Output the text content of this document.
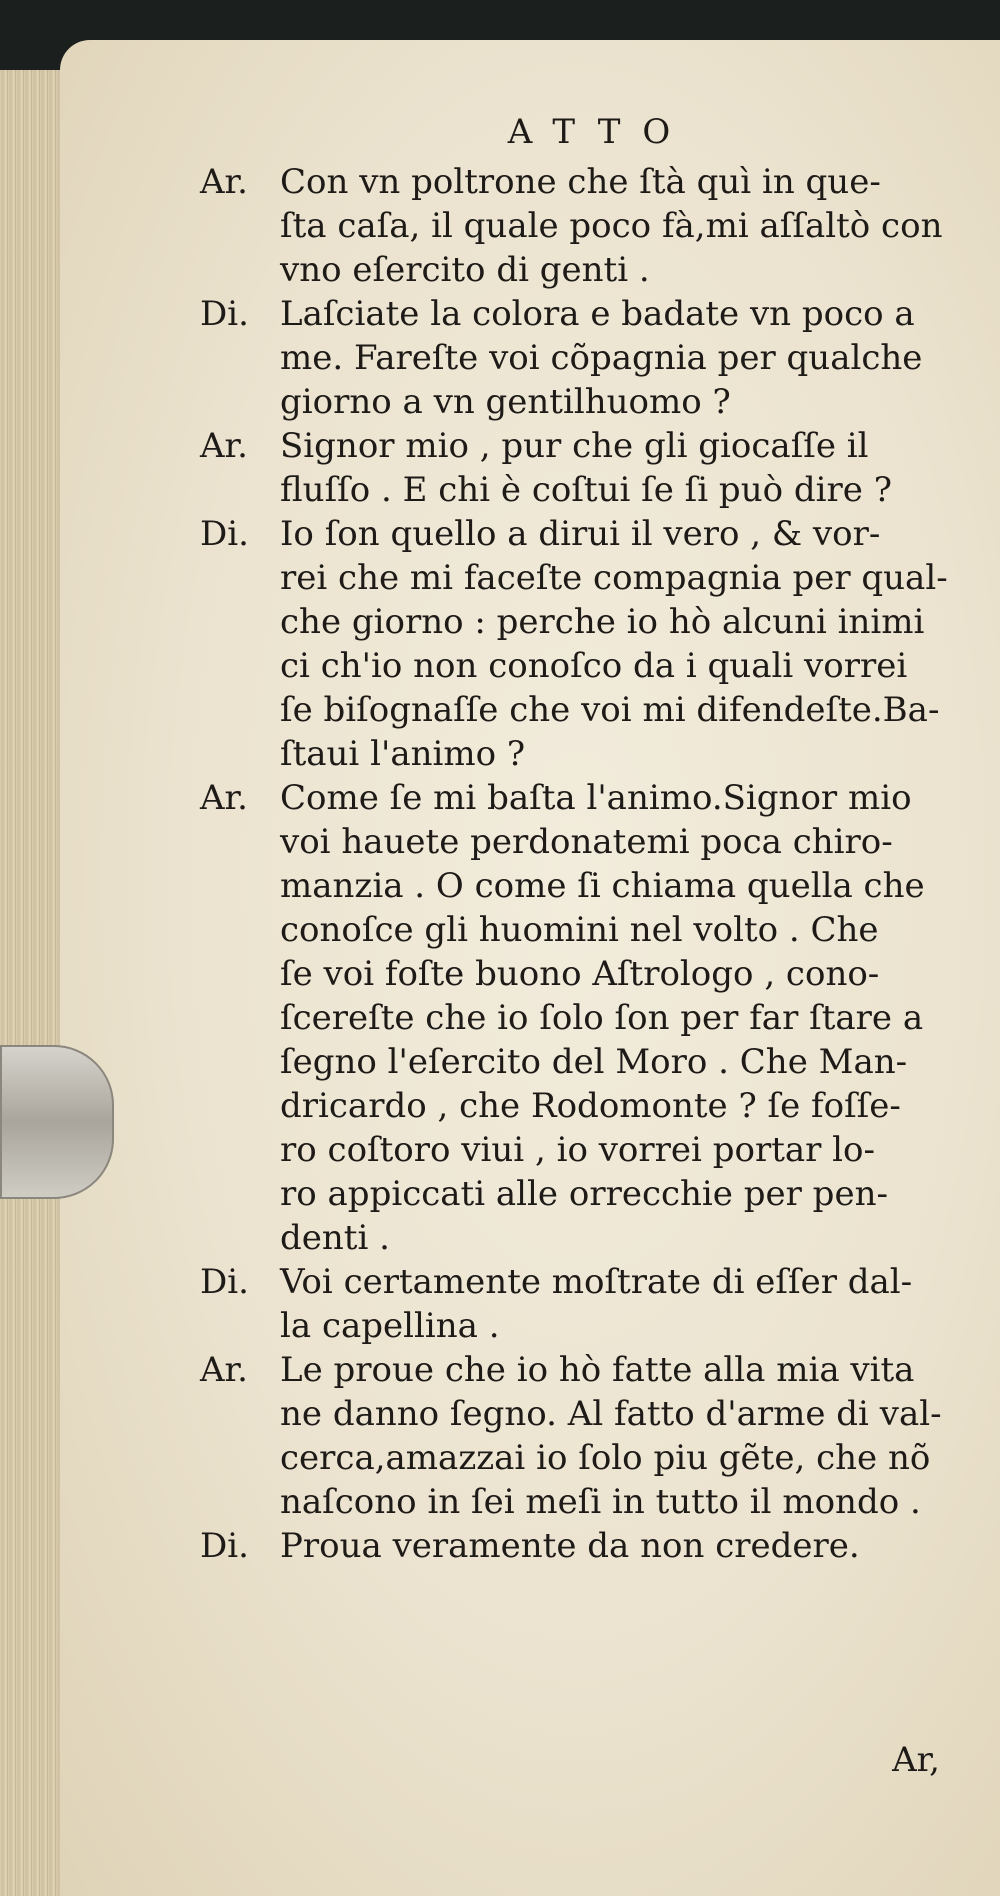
ATTO
Ar. Con vn poltrone che ſtà quì in que-
ſta caſa, il quale poco fà,mi aſſaltò con
vno eſercito di genti .
Di. Laſciate la colora e badate vn poco a
me. Fareſte voi cõpagnia per qualche
giorno a vn gentilhuomo ?
Ar. Signor mio , pur che gli giocaſſe il
fluſſo . E chi è coſtui ſe ſi può dire ?
Di. Io ſon quello a dirui il vero , & vor-
rei che mi faceſte compagnia per qual-
che giorno : perche io hò alcuni inimi
ci ch'io non conoſco da i quali vorrei
ſe biſognaſſe che voi mi difendeſte.Ba-
ſtaui l'animo ?
Ar. Come ſe mi baſta l'animo.Signor mio
voi hauete perdonatemi poca chiro-
manzia . O come ſi chiama quella che
conoſce gli huomini nel volto . Che
ſe voi foſte buono Aſtrologo , cono-
ſcereſte che io ſolo ſon per far ſtare a
ſegno l'eſercito del Moro . Che Man-
dricardo , che Rodomonte ? ſe foſſe-
ro coſtoro viui , io vorrei portar lo-
ro appiccati alle orrecchie per pen-
denti .
Di. Voi certamente moſtrate di eſſer dal-
la capellina .
Ar. Le proue che io hò fatte alla mia vita
ne danno ſegno. Al fatto d'arme di val-
cerca,amazzai io ſolo piu gẽte, che nõ
naſcono in ſei meſi in tutto il mondo .
Di. Proua veramente da non credere.
Ar,
